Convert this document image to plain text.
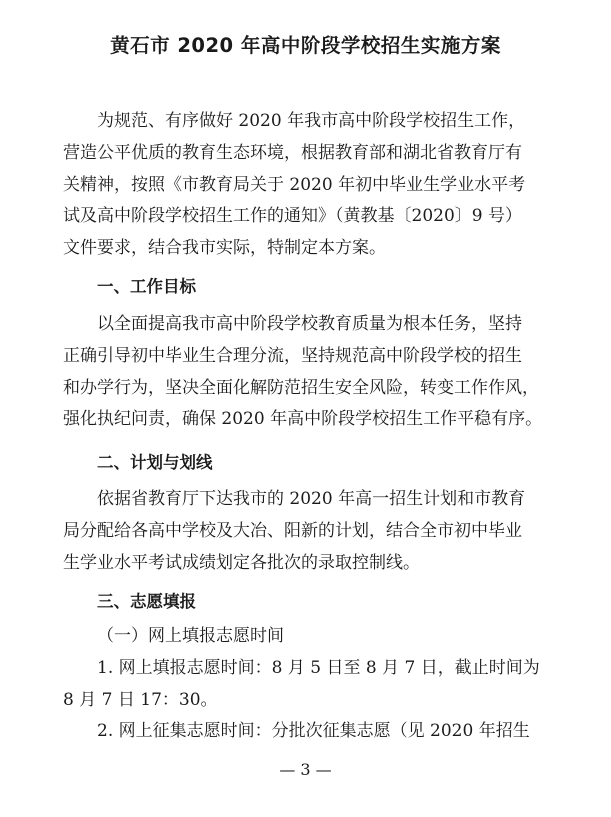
黄石市 2020 年高中阶段学校招生实施方案
为规范、有序做好 2020 年我市高中阶段学校招生工作，
营造公平优质的教育生态环境，根据教育部和湖北省教育厅有
关精神，按照《市教育局关于 2020 年初中毕业生学业水平考
试及高中阶段学校招生工作的通知》（黄教基〔2020〕9 号）
文件要求，结合我市实际，特制定本方案。
一、工作目标
以全面提高我市高中阶段学校教育质量为根本任务，坚持
正确引导初中毕业生合理分流，坚持规范高中阶段学校的招生
和办学行为，坚决全面化解防范招生安全风险，转变工作作风，
强化执纪问责，确保 2020 年高中阶段学校招生工作平稳有序。
二、计划与划线
依据省教育厅下达我市的 2020 年高一招生计划和市教育
局分配给各高中学校及大冶、阳新的计划，结合全市初中毕业
生学业水平考试成绩划定各批次的录取控制线。
三、志愿填报
（一）网上填报志愿时间
1. 网上填报志愿时间：8 月 5 日至 8 月 7 日，截止时间为
8 月 7 日 17：30。
2. 网上征集志愿时间：分批次征集志愿（见 2020 年招生
— 3 —
